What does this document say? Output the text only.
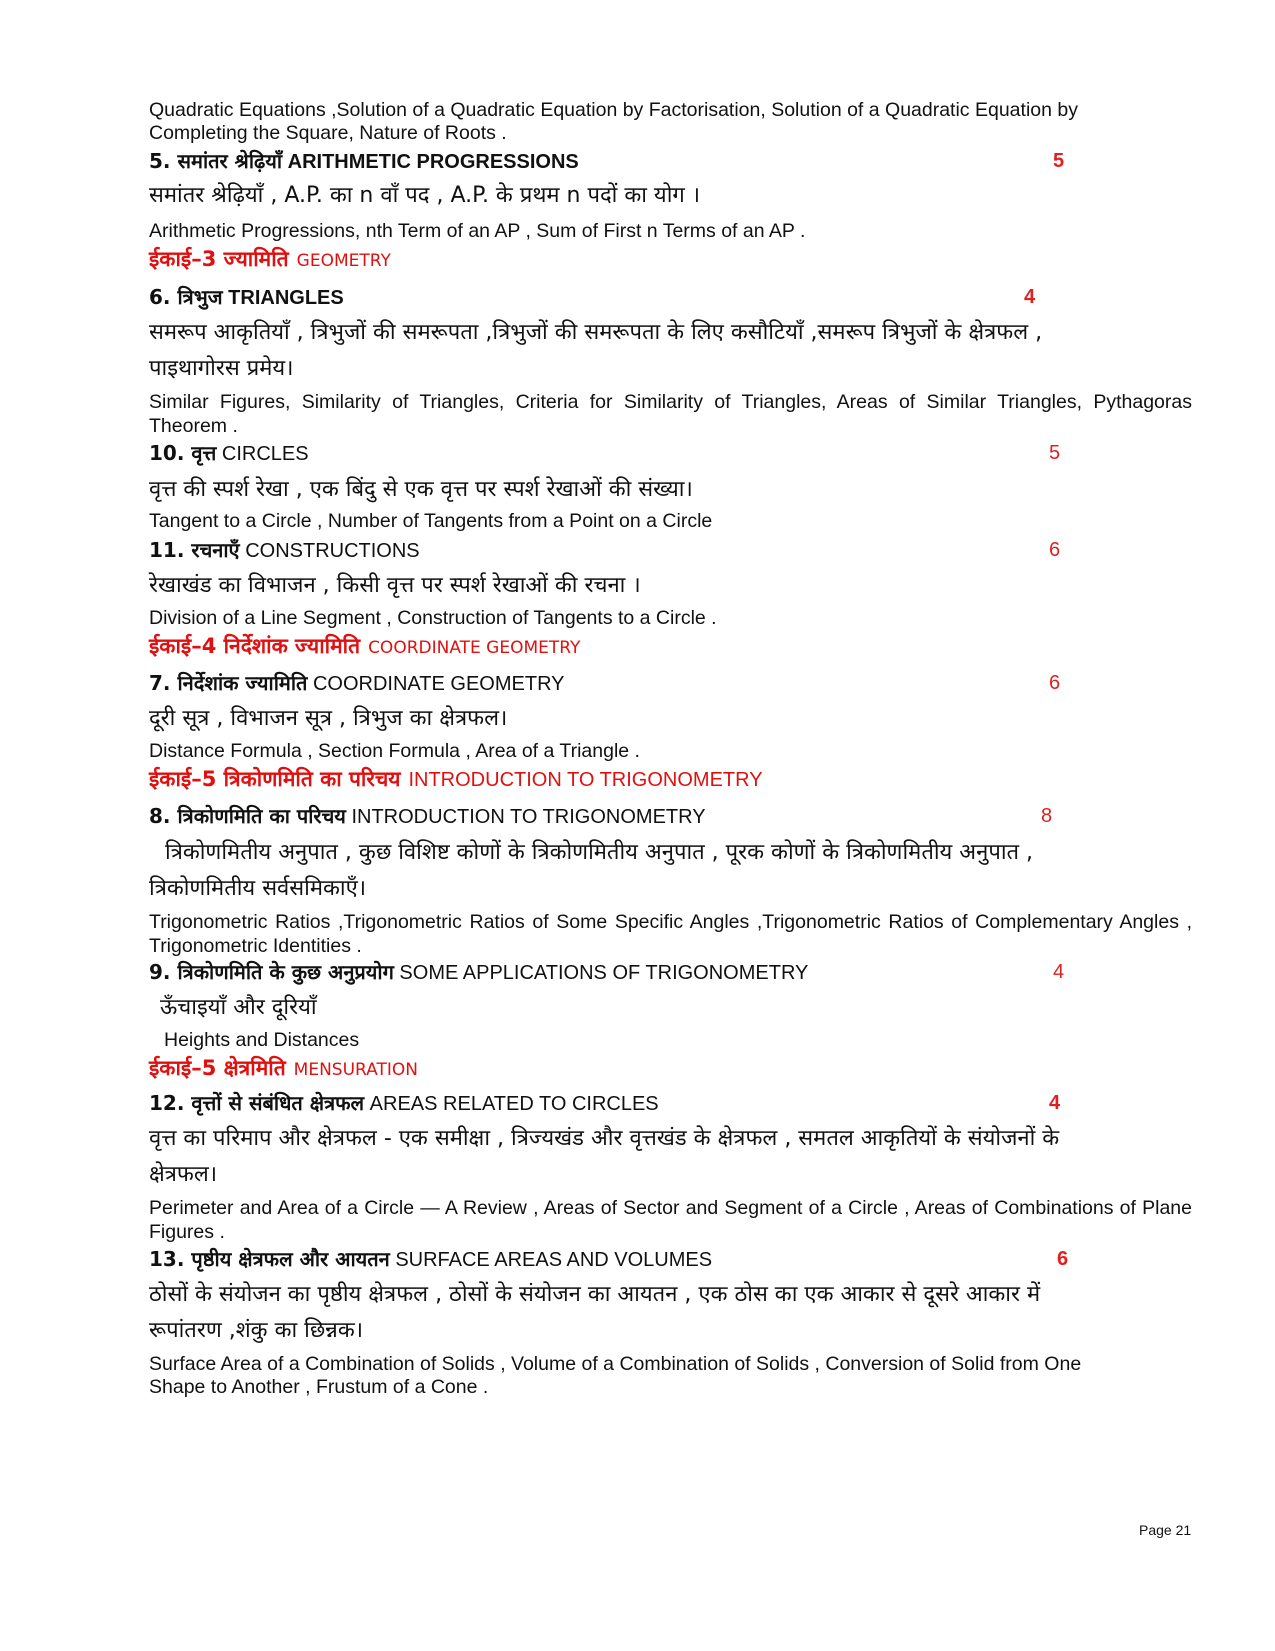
Quadratic Equations ,Solution of a Quadratic Equation by Factorisation, Solution of a Quadratic Equation by
Completing the Square, Nature of Roots .
5. समांतर श्रेढ़ियाँ ARITHMETIC PROGRESSIONS	5
समांतर श्रेढ़ियाँ , A.P. का n वाँ पद , A.P. के प्रथम n पदों का योग ।
Arithmetic Progressions, nth Term of an AP , Sum of First n Terms of an AP .
ईकाई–3 ज्यामिति GEOMETRY
6. त्रिभुज TRIANGLES	4
समरूप आकृतियाँ , त्रिभुजों की समरूपता ,त्रिभुजों की समरूपता के लिए कसौटियाँ ,समरूप त्रिभुजों के क्षेत्रफल ,
पाइथागोरस प्रमेय।
Similar Figures, Similarity of Triangles, Criteria for Similarity of Triangles, Areas of Similar Triangles, Pythagoras Theorem .
10. वृत्त CIRCLES	5
वृत्त की स्पर्श रेखा , एक बिंदु से एक वृत्त पर स्पर्श रेखाओं की संख्या।
Tangent to a Circle , Number of Tangents from a Point on a Circle
11. रचनाएँ CONSTRUCTIONS	6
रेखाखंड का विभाजन , किसी वृत्त पर स्पर्श रेखाओं की रचना ।
Division of a Line Segment , Construction of Tangents to a Circle .
ईकाई–4 निर्देशांक ज्यामिति COORDINATE GEOMETRY
7. निर्देशांक ज्यामिति COORDINATE GEOMETRY	6
दूरी सूत्र , विभाजन सूत्र , त्रिभुज का क्षेत्रफल।
Distance Formula , Section Formula , Area of a Triangle .
ईकाई–5 त्रिकोणमिति का परिचय INTRODUCTION TO TRIGONOMETRY
8. त्रिकोणमिति का परिचय INTRODUCTION TO TRIGONOMETRY	8
त्रिकोणमितीय अनुपात , कुछ विशिष्ट कोणों के त्रिकोणमितीय अनुपात , पूरक कोणों के त्रिकोणमितीय अनुपात ,
त्रिकोणमितीय सर्वसमिकाएँ।
Trigonometric Ratios ,Trigonometric Ratios of Some Specific Angles ,Trigonometric Ratios of Complementary Angles , Trigonometric Identities .
9. त्रिकोणमिति के कुछ अनुप्रयोग SOME APPLICATIONS OF TRIGONOMETRY	4
ऊँचाइयाँ और दूरियाँ
Heights and Distances
ईकाई–5 क्षेत्रमिति MENSURATION
12. वृत्तों से संबंधित क्षेत्रफल AREAS RELATED TO CIRCLES	4
वृत्त का परिमाप और क्षेत्रफल - एक समीक्षा , त्रिज्यखंड और वृत्तखंड के क्षेत्रफल , समतल आकृतियों के संयोजनों के
क्षेत्रफल।
Perimeter and Area of a Circle — A Review , Areas of Sector and Segment of a Circle , Areas of Combinations of Plane Figures .
13. पृष्ठीय क्षेत्रफल और आयतन SURFACE AREAS AND VOLUMES	6
ठोसों के संयोजन का पृष्ठीय क्षेत्रफल , ठोसों के संयोजन का आयतन , एक ठोस का एक आकार से दूसरे आकार में
रूपांतरण ,शंकु का छिन्नक।
Surface Area of a Combination of Solids , Volume of a Combination of Solids , Conversion of Solid from One
Shape to Another , Frustum of a Cone .
Page 21
